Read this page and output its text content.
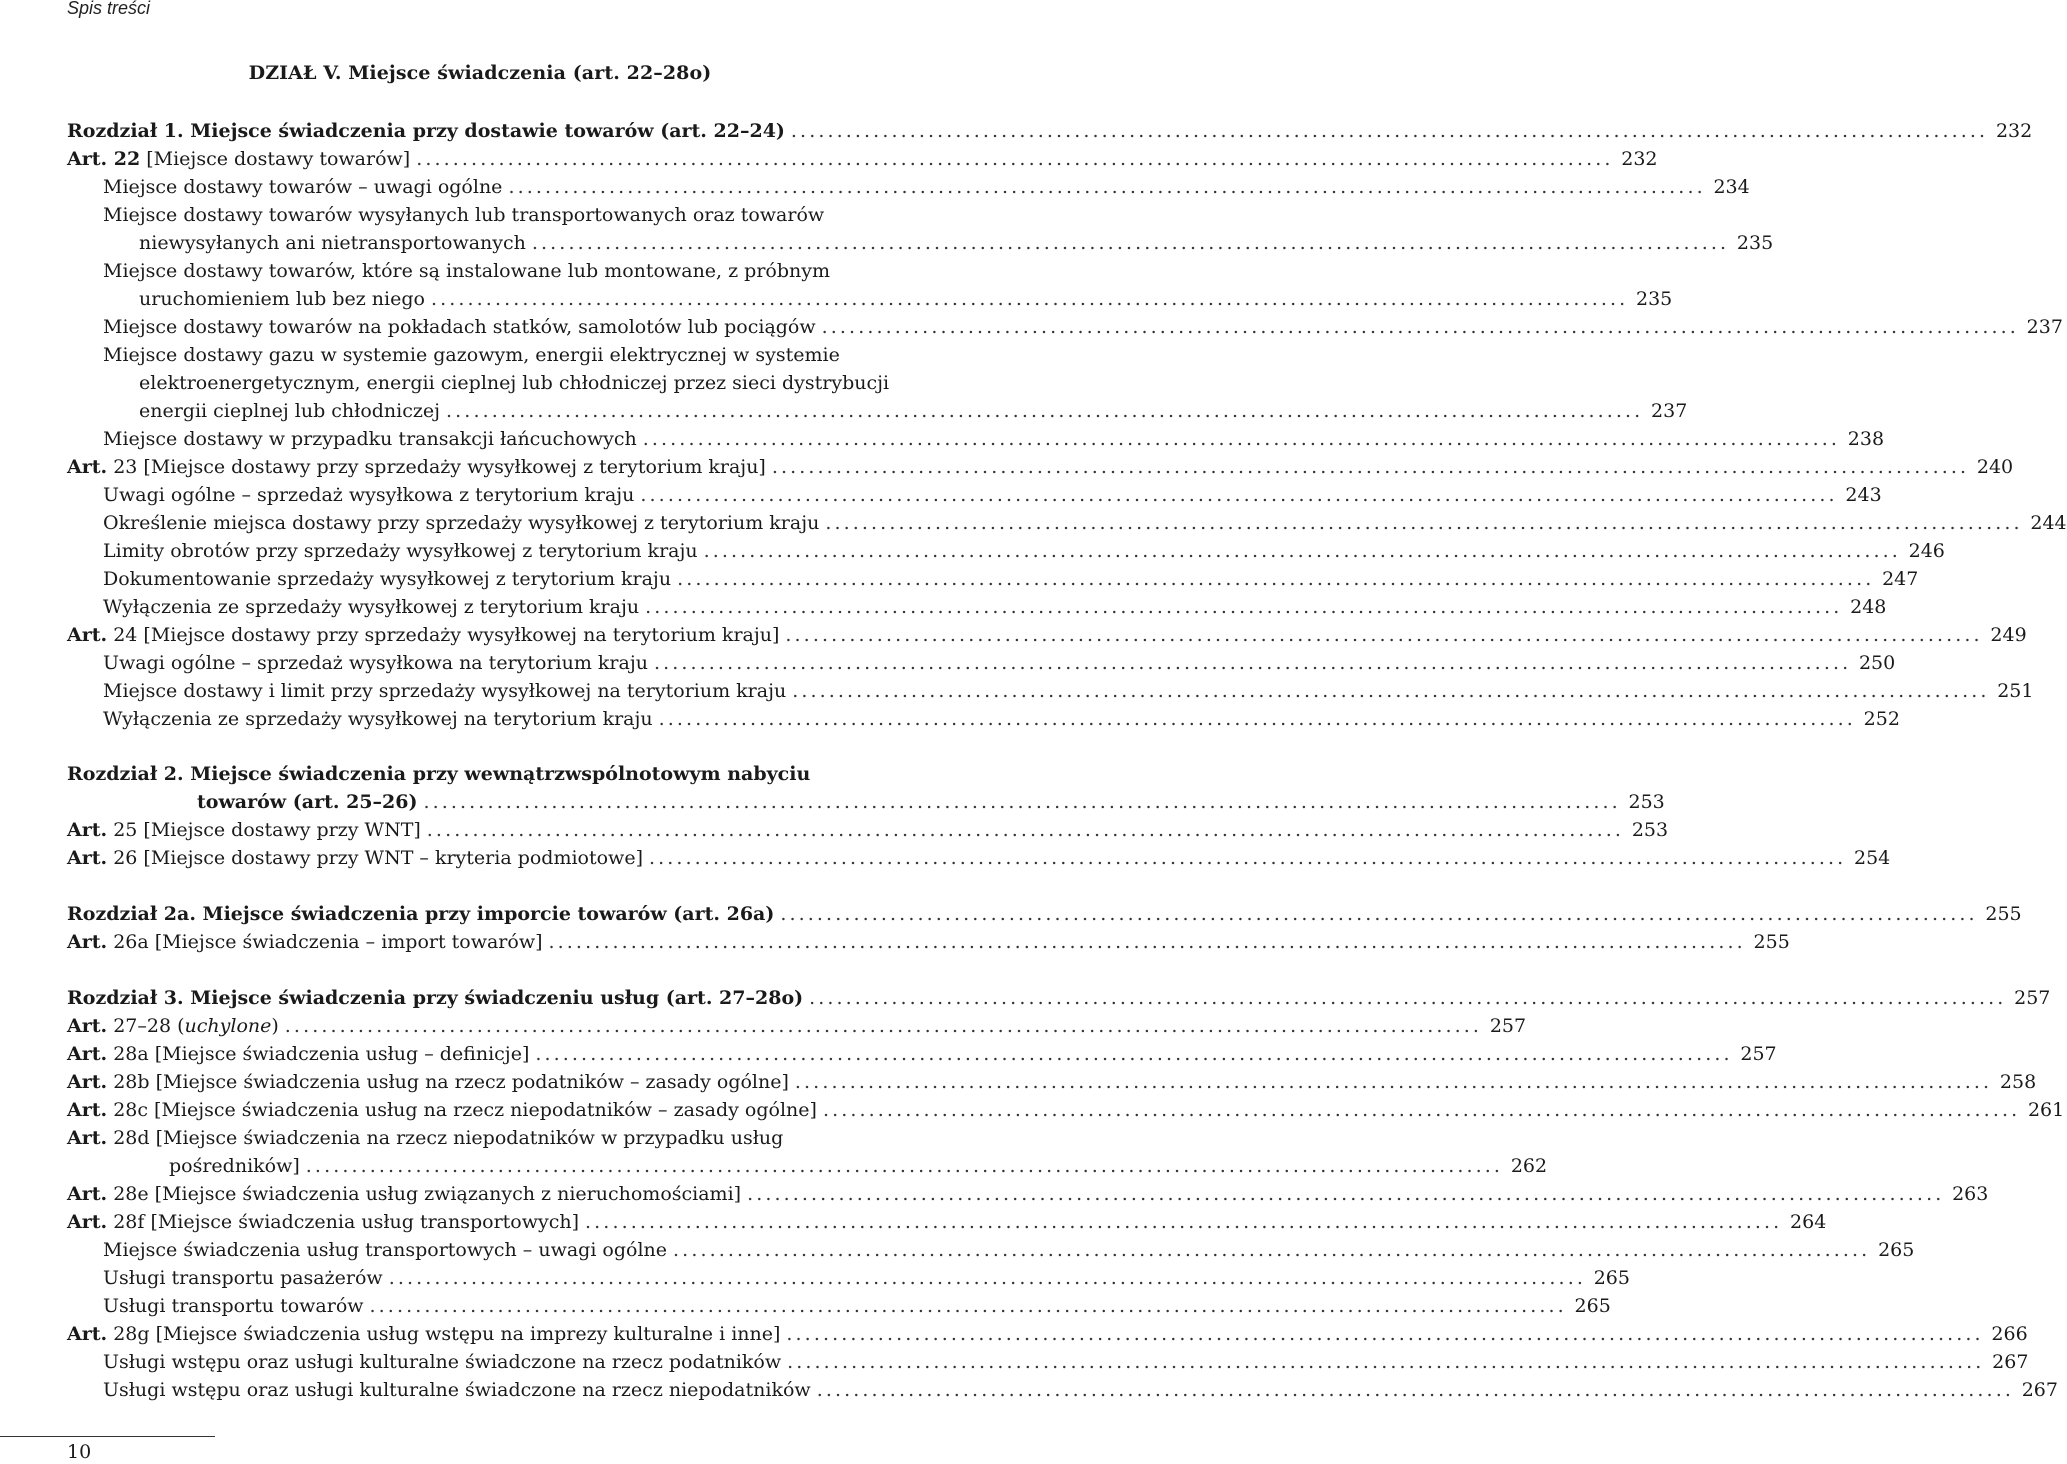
Spis treści
DZIAŁ V. Miejsce świadczenia (art. 22–28o)
Rozdział 1. Miejsce świadczenia przy dostawie towarów (art. 22–24) ................................................................................................................................... 232
Art. 22 [Miejsce dostawy towarów] ................................................................................................................................... 232
Miejsce dostawy towarów – uwagi ogólne ................................................................................................................................... 234
Miejsce dostawy towarów wysyłanych lub transportowanych oraz towarów
niewysyłanych ani nietransportowanych ................................................................................................................................... 235
Miejsce dostawy towarów, które są instalowane lub montowane, z próbnym
uruchomieniem lub bez niego ................................................................................................................................... 235
Miejsce dostawy towarów na pokładach statków, samolotów lub pociągów ................................................................................................................................... 237
Miejsce dostawy gazu w systemie gazowym, energii elektrycznej w systemie
elektroenergetycznym, energii cieplnej lub chłodniczej przez sieci dystrybucji
energii cieplnej lub chłodniczej ................................................................................................................................... 237
Miejsce dostawy w przypadku transakcji łańcuchowych ................................................................................................................................... 238
Art. 23 [Miejsce dostawy przy sprzedaży wysyłkowej z terytorium kraju] ................................................................................................................................... 240
Uwagi ogólne – sprzedaż wysyłkowa z terytorium kraju ................................................................................................................................... 243
Określenie miejsca dostawy przy sprzedaży wysyłkowej z terytorium kraju ................................................................................................................................... 244
Limity obrotów przy sprzedaży wysyłkowej z terytorium kraju ................................................................................................................................... 246
Dokumentowanie sprzedaży wysyłkowej z terytorium kraju ................................................................................................................................... 247
Wyłączenia ze sprzedaży wysyłkowej z terytorium kraju ................................................................................................................................... 248
Art. 24 [Miejsce dostawy przy sprzedaży wysyłkowej na terytorium kraju] ................................................................................................................................... 249
Uwagi ogólne – sprzedaż wysyłkowa na terytorium kraju ................................................................................................................................... 250
Miejsce dostawy i limit przy sprzedaży wysyłkowej na terytorium kraju ................................................................................................................................... 251
Wyłączenia ze sprzedaży wysyłkowej na terytorium kraju ................................................................................................................................... 252
Rozdział 2. Miejsce świadczenia przy wewnątrzwspólnotowym nabyciu
towarów (art. 25–26) ................................................................................................................................... 253
Art. 25 [Miejsce dostawy przy WNT] ................................................................................................................................... 253
Art. 26 [Miejsce dostawy przy WNT – kryteria podmiotowe] ................................................................................................................................... 254
Rozdział 2a. Miejsce świadczenia przy imporcie towarów (art. 26a) ................................................................................................................................... 255
Art. 26a [Miejsce świadczenia – import towarów] ................................................................................................................................... 255
Rozdział 3. Miejsce świadczenia przy świadczeniu usług (art. 27–28o) ................................................................................................................................... 257
Art. 27–28 (uchylone) ................................................................................................................................... 257
Art. 28a [Miejsce świadczenia usług – definicje] ................................................................................................................................... 257
Art. 28b [Miejsce świadczenia usług na rzecz podatników – zasady ogólne] ................................................................................................................................... 258
Art. 28c [Miejsce świadczenia usług na rzecz niepodatników – zasady ogólne] ................................................................................................................................... 261
Art. 28d [Miejsce świadczenia na rzecz niepodatników w przypadku usług
pośredników] ................................................................................................................................... 262
Art. 28e [Miejsce świadczenia usług związanych z nieruchomościami] ................................................................................................................................... 263
Art. 28f [Miejsce świadczenia usług transportowych] ................................................................................................................................... 264
Miejsce świadczenia usług transportowych – uwagi ogólne ................................................................................................................................... 265
Usługi transportu pasażerów ................................................................................................................................... 265
Usługi transportu towarów ................................................................................................................................... 265
Art. 28g [Miejsce świadczenia usług wstępu na imprezy kulturalne i inne] ................................................................................................................................... 266
Usługi wstępu oraz usługi kulturalne świadczone na rzecz podatników ................................................................................................................................... 267
Usługi wstępu oraz usługi kulturalne świadczone na rzecz niepodatników ................................................................................................................................... 267
10
